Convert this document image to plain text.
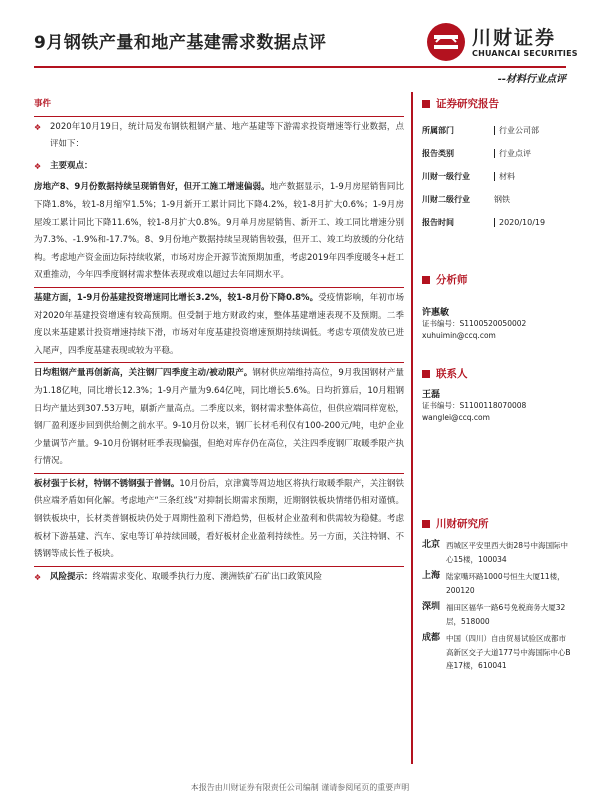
9月钢铁产量和地产基建需求数据点评	川财证券
CHUANCAI SECURITIES
--材料行业点评
事件
❖ 2020年10月19日，统计局发布钢铁粗钢产量、地产基建等下游需求投资增速等行业数据，点评如下：
❖ 主要观点：
房地产8、9月份数据持续呈现销售好，但开工施工增速偏弱。地产数据显示，1-9月房屋销售同比下降1.8%，较1-8月缩窄1.5%；1-9月新开工累计同比下降4.2%，较1-8月扩大0.6%；1-9月房屋竣工累计同比下降11.6%，较1-8月扩大0.8%。9月单月房屋销售、新开工、竣工同比增速分别为7.3%、-1.9%和-17.7%。8、9月份地产数据持续呈现销售较强，但开工、竣工均放缓的分化结构。考虑地产资金面边际持续收紧，市场对房企开源节流预期加重，考虑2019年四季度暖冬+赶工双重推动，今年四季度钢材需求整体表现或难以超过去年同期水平。
基建方面，1-9月份基建投资增速同比增长3.2%，较1-8月份下降0.8%。受疫情影响，年初市场对2020年基建投资增速有较高预期。但受制于地方财政约束，整体基建增速表现不及预期。二季度以来基建累计投资增速持续下滑，市场对年度基建投资增速预期持续调低。考虑专项债发放已进入尾声，四季度基建表现或较为平稳。
日均粗钢产量再创新高，关注钢厂四季度主动/被动限产。钢材供应端维持高位，9月我国钢材产量为1.18亿吨，同比增长12.3%；1-9月产量为9.64亿吨，同比增长5.6%。日均折算后，10月粗钢日均产量达到307.53万吨，刷新产量高点。二季度以来，钢材需求整体高位，但供应端同样宽松，钢厂盈利逐步回到供给侧之前水平。9-10月份以来，钢厂长材毛利仅有100-200元/吨，电炉企业少量调节产量。9-10月份钢材旺季表现偏强，但绝对库存仍在高位，关注四季度钢厂取暖季限产执行情况。
板材强于长材，特钢不锈钢强于普钢。10月份后，京津冀等周边地区将执行取暖季限产，关注钢铁供应端矛盾如何化解。考虑地产“三条红线”对抑制长期需求预期，近期钢铁板块情绪仍相对谨慎。钢铁板块中，长材类普钢板块仍处于周期性盈利下滑趋势，但板材企业盈利和供需较为稳健。考虑板材下游基建、汽车、家电等订单持续回暖，看好板材企业盈利持续性。另一方面，关注特钢、不锈钢等成长性子板块。
❖ 风险提示：终端需求变化、取暖季执行力度、澳洲铁矿石矿出口政策风险
证券研究报告
所属部门	行业公司部
报告类别	行业点评
川财一级行业	材料
川财二级行业	钢铁
报告时间	2020/10/19
分析师
许惠敏
证书编号：S1100520050002
xuhuimin@ccq.com
联系人
王磊
证书编号：S1100118070008
wanglei@ccq.com
川财研究所
北京 西城区平安里西大街28号中海国际中心15楼，100034
上海 陆家嘴环路1000号恒生大厦11楼，200120
深圳 福田区福华一路6号免税商务大厦32层，518000
成都 中国（四川）自由贸易试验区成都市高新区交子大道177号中海国际中心B座17楼，610041
本报告由川财证券有限责任公司编制 谨请参阅尾页的重要声明
